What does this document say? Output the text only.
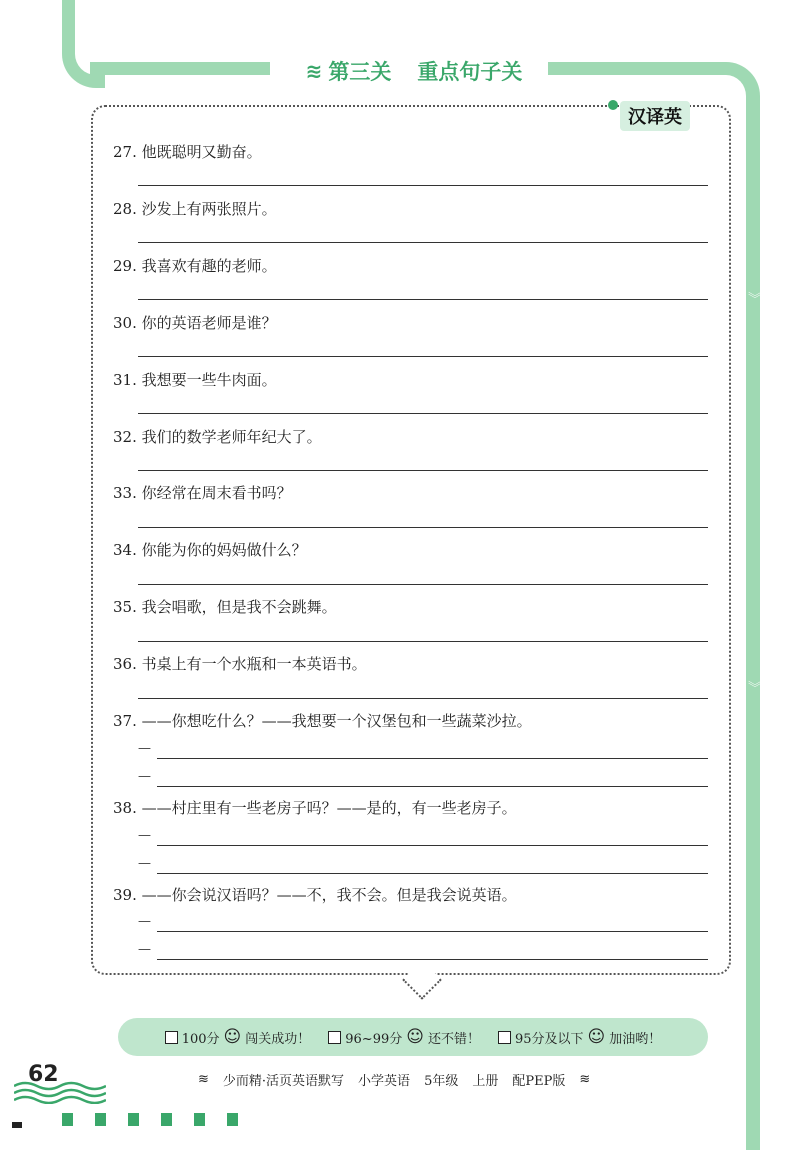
︾
︾
≋ 第三关 重点句子关
汉译英
27. 他既聪明又勤奋。
28. 沙发上有两张照片。
29. 我喜欢有趣的老师。
30. 你的英语老师是谁？
31. 我想要一些牛肉面。
32. 我们的数学老师年纪大了。
33. 你经常在周末看书吗？
34. 你能为你的妈妈做什么？
35. 我会唱歌，但是我不会跳舞。
36. 书桌上有一个水瓶和一本英语书。
37. ——你想吃什么？——我想要一个汉堡包和一些蔬菜沙拉。
—
—
38. ——村庄里有一些老房子吗？——是的，有一些老房子。
—
—
39. ——你会说汉语吗？——不，我不会。但是我会说英语。
—
—
100分 ☺ 闯关成功！	96~99分 ☺ 还不错！	95分及以下 ☺ 加油哟！
62	≋ 少而精·活页英语默写 小学英语 5年级 上册 配PEP版 ≋
